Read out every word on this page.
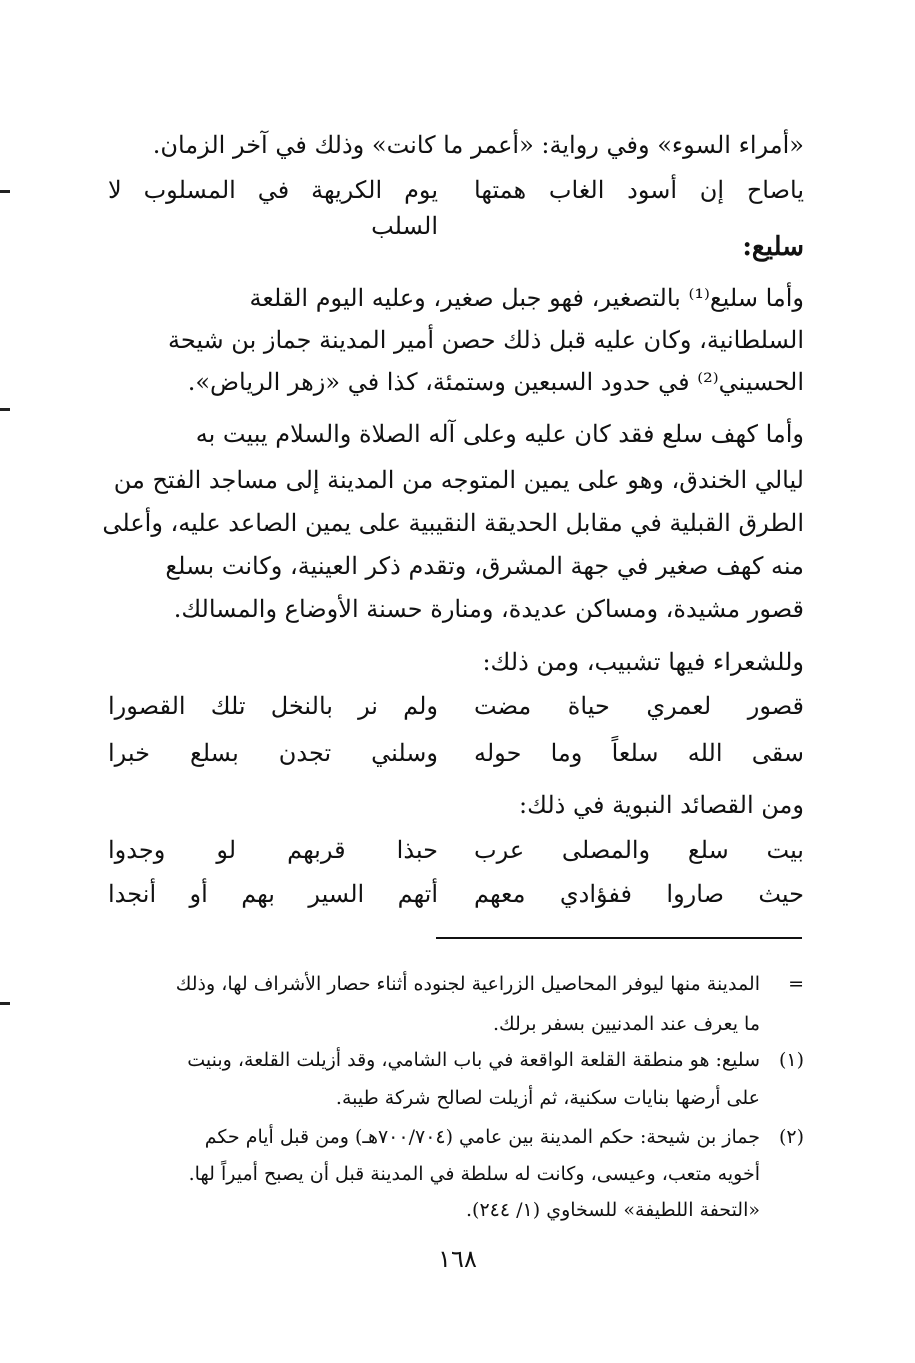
«أمراء السوء» وفي رواية: «أعمر ما كانت» وذلك في آخر الزمان.
ياصاح إن أسود الغاب همتها
يوم الكريهة في المسلوب لا السلب
سليع:
وأما سليع⁽¹⁾ بالتصغير، فهو جبل صغير، وعليه اليوم القلعة
السلطانية، وكان عليه قبل ذلك حصن أمير المدينة جماز بن شيحة
الحسيني⁽²⁾ في حدود السبعين وستمئة، كذا في «زهر الرياض».
وأما كهف سلع فقد كان عليه وعلى آله الصلاة والسلام يبيت به
ليالي الخندق، وهو على يمين المتوجه من المدينة إلى مساجد الفتح من
الطرق القبلية في مقابل الحديقة النقيبية على يمين الصاعد عليه، وأعلى
منه كهف صغير في جهة المشرق، وتقدم ذكر العينية، وكانت بسلع
قصور مشيدة، ومساكن عديدة، ومنارة حسنة الأوضاع والمسالك.
وللشعراء فيها تشبيب، ومن ذلك:
قصور لعمري حياة مضت
ولم نر بالنخل تلك القصورا
سقى الله سلعاً وما حوله
وسلني تجدن بسلع خبرا
ومن القصائد النبوية في ذلك:
بيت سلع والمصلى عرب
حبذا قربهم لو وجدوا
حيث صاروا ففؤادي معهم
أتهم السير بهم أو أنجدا
=
المدينة منها ليوفر المحاصيل الزراعية لجنوده أثناء حصار الأشراف لها، وذلك
ما يعرف عند المدنيين بسفر برلك.
(١)
سليع: هو منطقة القلعة الواقعة في باب الشامي، وقد أزيلت القلعة، وبنيت
على أرضها بنايات سكنية، ثم أزيلت لصالح شركة طيبة.
(٢)
جماز بن شيحة: حكم المدينة بين عامي (٧٠٠/٧٠٤هـ) ومن قبل أيام حكم
أخويه متعب، وعيسى، وكانت له سلطة في المدينة قبل أن يصبح أميراً لها.
«التحفة اللطيفة» للسخاوي (١/ ٢٤٤).
١٦٨
